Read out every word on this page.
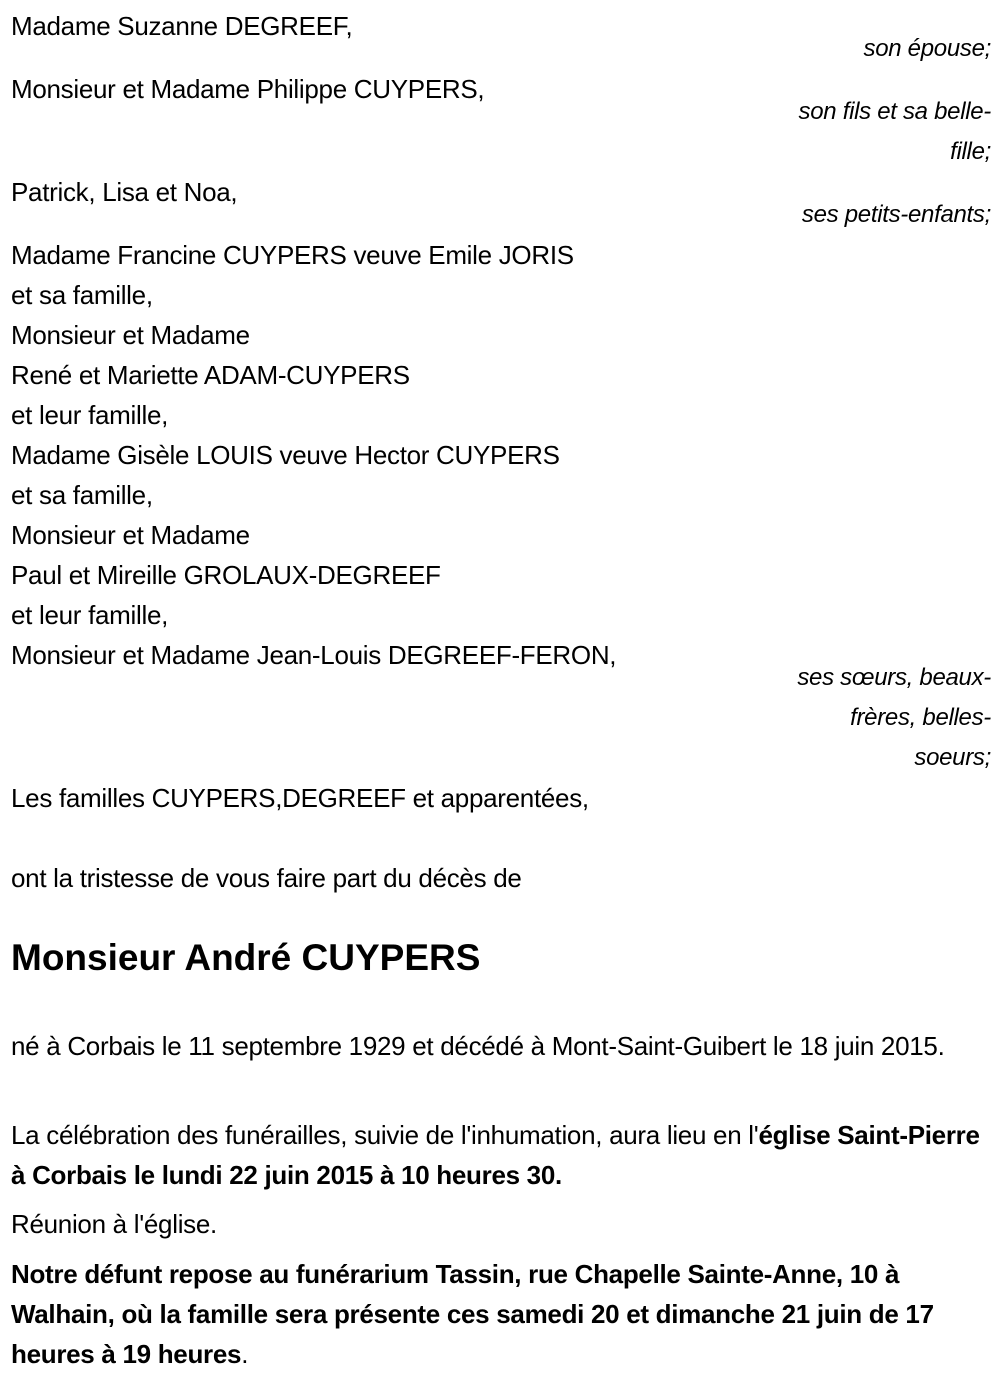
Madame Suzanne DEGREEF,
son épouse;
Monsieur et Madame Philippe CUYPERS,
son fils et sa belle-
fille;
Patrick, Lisa et Noa,
ses petits-enfants;
Madame Francine CUYPERS veuve Emile JORIS
et sa famille,
Monsieur et Madame
René et Mariette ADAM-CUYPERS
et leur famille,
Madame Gisèle LOUIS veuve Hector CUYPERS
et sa famille,
Monsieur et Madame
Paul et Mireille GROLAUX-DEGREEF
et leur famille,
Monsieur et Madame Jean-Louis DEGREEF-FERON,
ses sœurs, beaux-
frères, belles-
soeurs;
Les familles CUYPERS,DEGREEF et apparentées,
ont la tristesse de vous faire part du décès de
Monsieur André CUYPERS
né à Corbais le 11 septembre 1929 et décédé à Mont-Saint-Guibert le 18 juin 2015.
La célébration des funérailles, suivie de l'inhumation, aura lieu en l'église Saint-Pierre à Corbais le lundi 22 juin 2015 à 10 heures 30.
Réunion à l'église.
Notre défunt repose au funérarium Tassin, rue Chapelle Sainte-Anne, 10 à Walhain, où la famille sera présente ces samedi 20 et dimanche 21 juin de 17 heures à 19 heures.
